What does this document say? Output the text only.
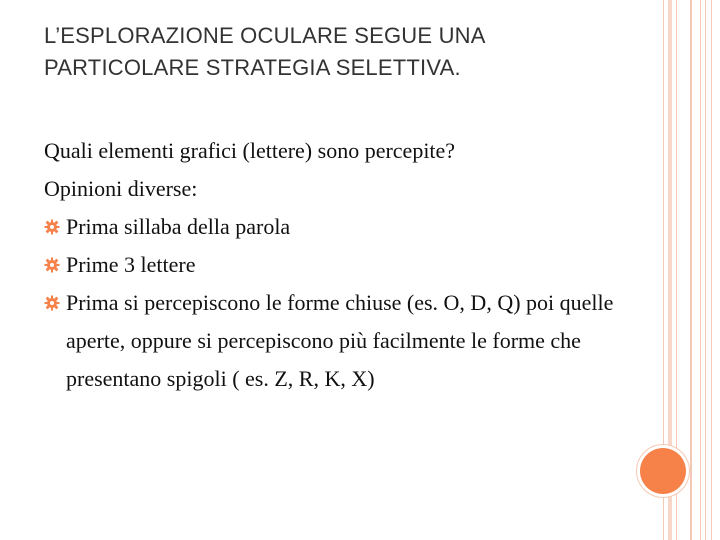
L’ESPLORAZIONE OCULARE SEGUE UNA
PARTICOLARE STRATEGIA SELETTIVA.
Quali elementi grafici (lettere) sono percepite?
Opinioni diverse:
Prima sillaba della parola
Prime 3 lettere
Prima si percepiscono le forme chiuse (es. O, D, Q) poi quelle aperte, oppure si percepiscono più facilmente le forme che presentano spigoli ( es. Z, R, K, X)
